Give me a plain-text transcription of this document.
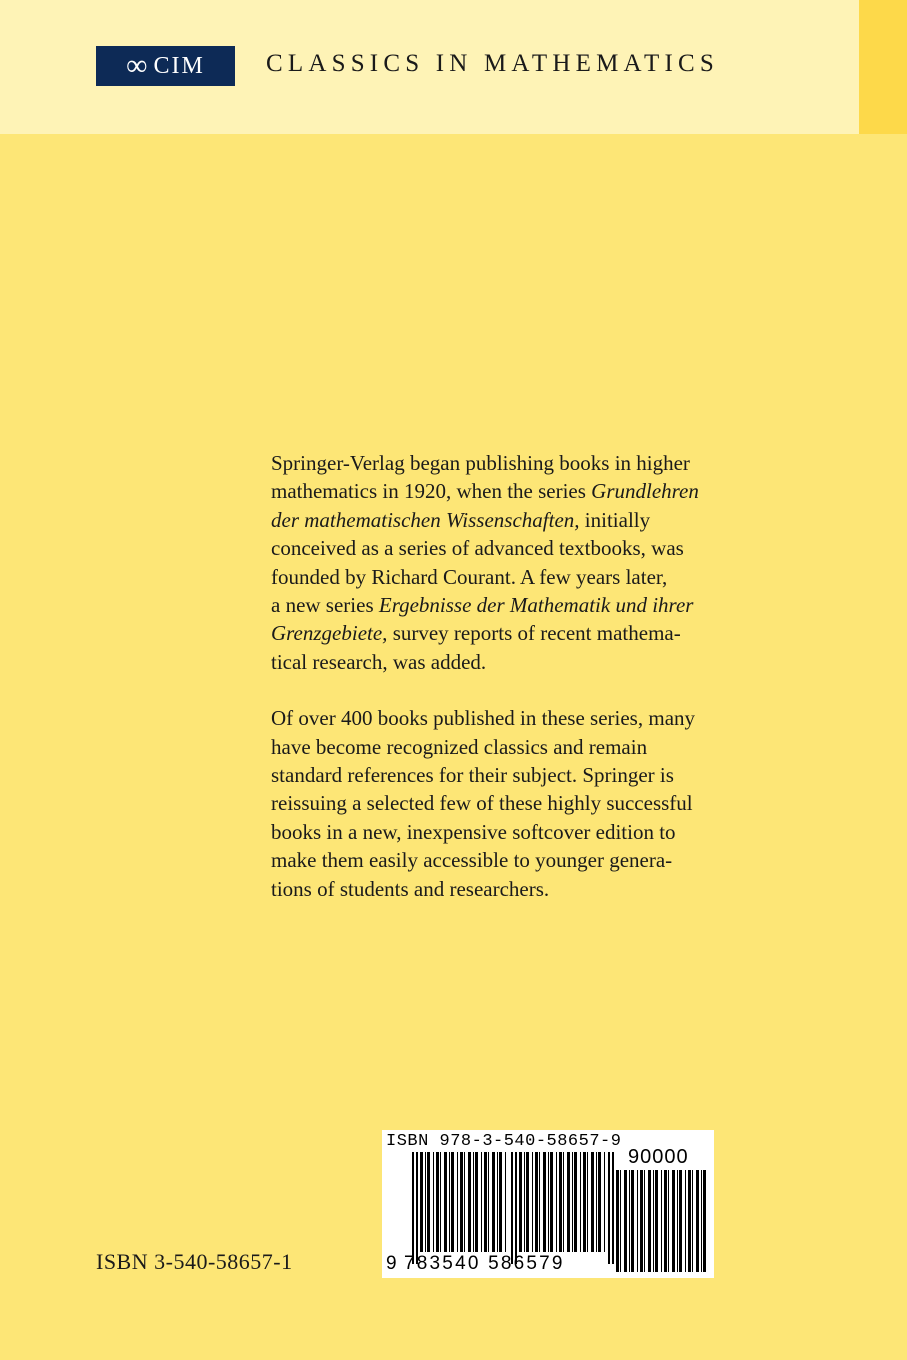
∞ CIM CLASSICS IN MATHEMATICS

Springer-Verlag began publishing books in higher
mathematics in 1920, when the series Grundlehren
der mathematischen Wissenschaften, initially
conceived as a series of advanced textbooks, was
founded by Richard Courant. A few years later,
a new series Ergebnisse der Mathematik und ihrer
Grenzgebiete, survey reports of recent mathema-
tical research, was added.

Of over 400 books published in these series, many
have become recognized classics and remain
standard references for their subject. Springer is
reissuing a selected few of these highly successful
books in a new, inexpensive softcover edition to
make them easily accessible to younger genera-
tions of students and researchers.

ISBN 3-540-58657-1
ISBN 978-3-540-58657-9
90000
9 783540 586579
